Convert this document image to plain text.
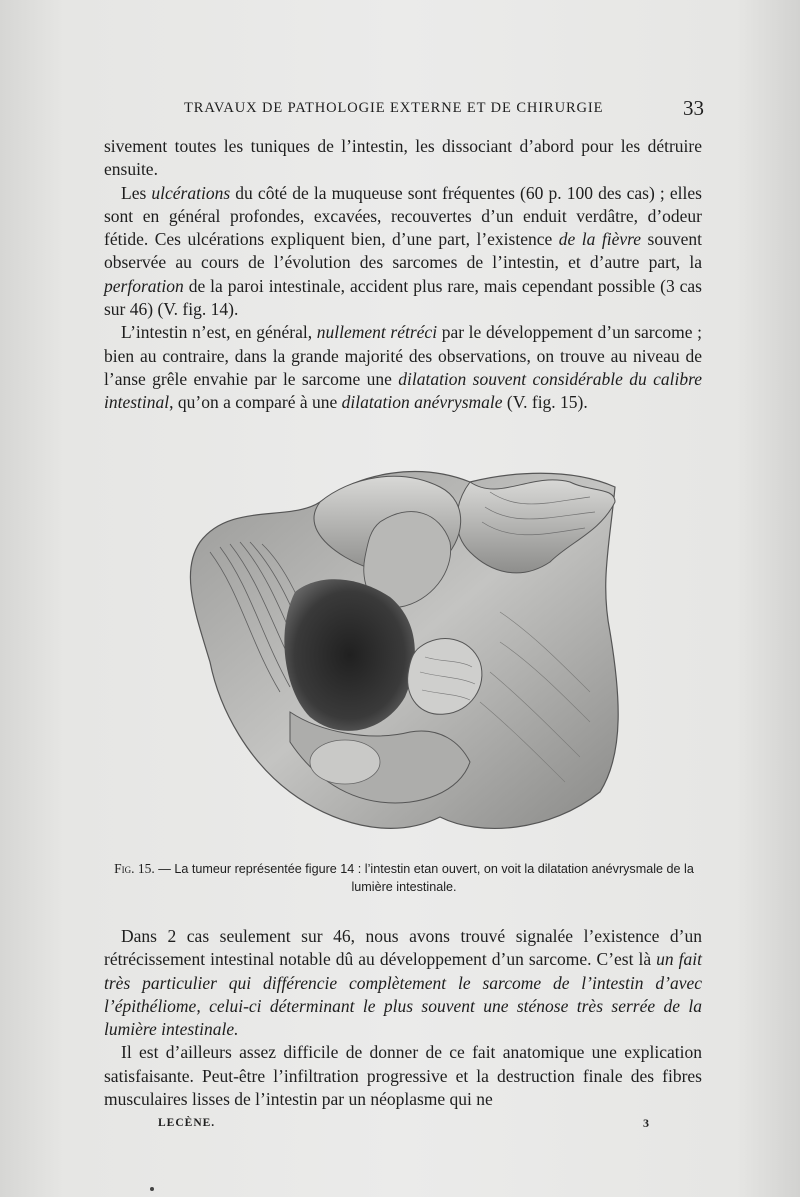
TRAVAUX DE PATHOLOGIE EXTERNE ET DE CHIRURGIE	33

sivement toutes les tuniques de l’intestin, les dissociant d’abord pour les détruire ensuite.

Les ulcérations du côté de la muqueuse sont fréquentes (60 p. 100 des cas) ; elles sont en général profondes, excavées, recouvertes d’un enduit verdâtre, d’odeur fétide. Ces ulcérations expliquent bien, d’une part, l’existence de la fièvre souvent observée au cours de l’évolution des sarcomes de l’intestin, et d’autre part, la perforation de la paroi intestinale, accident plus rare, mais cependant possible (3 cas sur 46) (V. fig. 14).

L’intestin n’est, en général, nullement rétréci par le développement d’un sarcome ; bien au contraire, dans la grande majorité des observations, on trouve au niveau de l’anse grêle envahie par le sarcome une dilatation souvent considérable du calibre intestinal, qu’on a comparé à une dilatation anévrysmale (V. fig. 15).

Fig. 15. — La tumeur représentée figure 14 : l’intestin etan ouvert, on voit la dilatation anévrysmale de la lumière intestinale.

Dans 2 cas seulement sur 46, nous avons trouvé signalée l’existence d’un rétrécissement intestinal notable dû au développement d’un sarcome. C’est là un fait très particulier qui différencie complètement le sarcome de l’intestin d’avec l’épithéliome, celui-ci déterminant le plus souvent une sténose très serrée de la lumière intestinale.

Il est d’ailleurs assez difficile de donner de ce fait anatomique une explication satisfaisante. Peut-être l’infiltration progressive et la destruction finale des fibres musculaires lisses de l’intestin par un néoplasme qui ne

LECÈNE.	3
